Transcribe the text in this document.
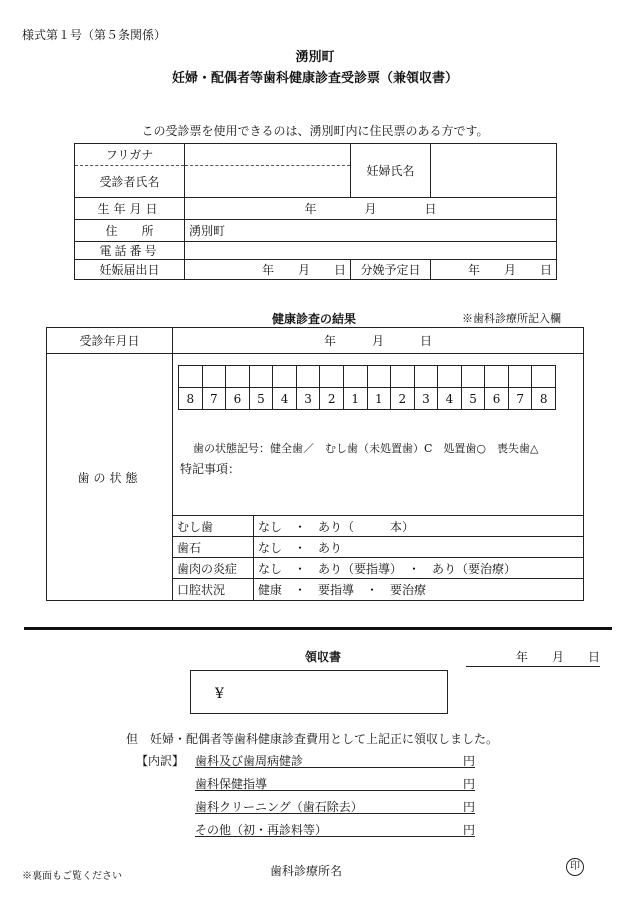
様式第１号（第５条関係）
湧別町
妊婦・配偶者等歯科健康診査受診票（兼領収書）
この受診票を使用できるのは、湧別町内に住民票のある方です。
フリガナ		妊婦氏名	
受診者氏名			
生年月日	年　　　　月　　　　日		
住　　所	湧別町		
電話番号			
妊娠届出日	年　　月　　日	分娩予定日	年　　月　　日
健康診査の結果	※歯科診療所記入欄
受診年月日	年　　　月　　　日
歯の状態	

8	7	6	5	4	3	2	1	1	2	3	4	5	6	7	8
歯の状態記号：健全歯／　むし歯（未処置歯）C　処置歯○　喪失歯△
特記事項：

むし歯	なし　・　あり（　　　本）
歯石	なし　・　あり
歯肉の炎症	なし　・　あり（要指導）　・　あり（要治療）
口腔状況	健康　・　要指導　・　要治療
領収書	年　　月　　日
¥
但　妊婦・配偶者等歯科健康診査費用として上記正に領収しました。
【内訳】 歯科及び歯周病健診	円
歯科保健指導	円
歯科クリーニング（歯石除去）	円
その他（初・再診料等）	円
※裏面もご覧ください	歯科診療所名	印
